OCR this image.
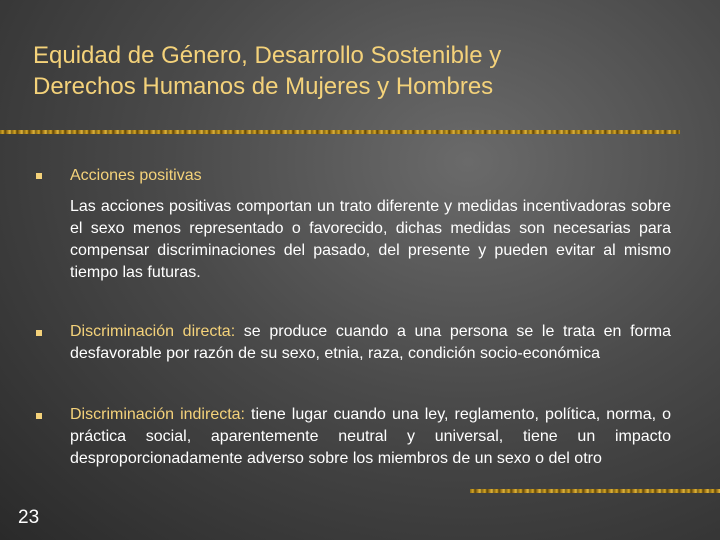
Equidad de Género, Desarrollo Sostenible y
Derechos Humanos de Mujeres y Hombres
Acciones positivas
Las acciones positivas comportan un trato diferente y medidas incentivadoras sobre el sexo menos representado o favorecido, dichas medidas son necesarias para compensar discriminaciones del pasado, del presente y pueden evitar al mismo tiempo las futuras.
Discriminación directa: se produce cuando a una persona se le trata en forma desfavorable por razón de su sexo, etnia, raza, condición socio-económica
Discriminación indirecta: tiene lugar cuando una ley, reglamento, política, norma, o práctica social, aparentemente neutral y universal, tiene un impacto desproporcionadamente adverso sobre los miembros de un sexo o del otro
23
